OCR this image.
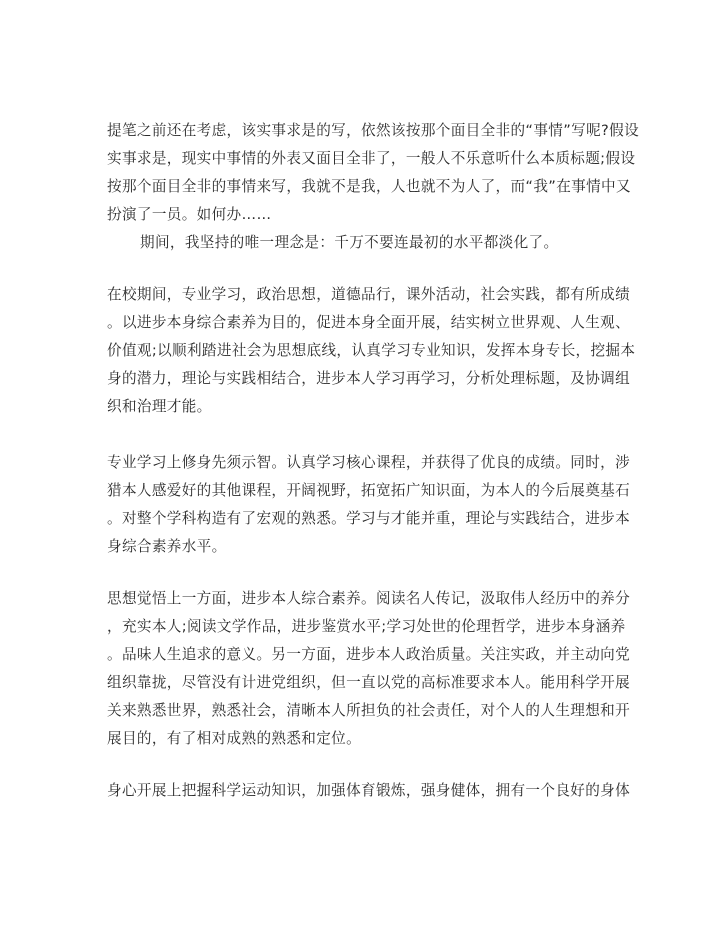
提笔之前还在考虑，该实事求是的写，依然该按那个面目全非的“事情”写呢?假设
实事求是，现实中事情的外表又面目全非了，一般人不乐意听什么本质标题;假设
按那个面目全非的事情来写，我就不是我，人也就不为人了，而“我”在事情中又
扮演了一员。如何办……

期间，我坚持的唯一理念是：千万不要连最初的水平都淡化了。

在校期间，专业学习，政治思想，道德品行，课外活动，社会实践，都有所成绩
。以进步本身综合素养为目的，促进本身全面开展，结实树立世界观、人生观、
价值观;以顺利踏进社会为思想底线，认真学习专业知识，发挥本身专长，挖掘本
身的潜力，理论与实践相结合，进步本人学习再学习，分析处理标题，及协调组
织和治理才能。

专业学习上修身先须示智。认真学习核心课程，并获得了优良的成绩。同时，涉
猎本人感爱好的其他课程，开阔视野，拓宽拓广知识面，为本人的今后展奠基石
。对整个学科构造有了宏观的熟悉。学习与才能并重，理论与实践结合，进步本
身综合素养水平。

思想觉悟上一方面，进步本人综合素养。阅读名人传记，汲取伟人经历中的养分
，充实本人;阅读文学作品，进步鉴赏水平;学习处世的伦理哲学，进步本身涵养
。品味人生追求的意义。另一方面，进步本人政治质量。关注实政，并主动向党
组织靠拢，尽管没有计进党组织，但一直以党的高标准要求本人。能用科学开展
关来熟悉世界，熟悉社会，清晰本人所担负的社会责任，对个人的人生理想和开
展目的，有了相对成熟的熟悉和定位。

身心开展上把握科学运动知识，加强体育锻炼，强身健体，拥有一个良好的身体
